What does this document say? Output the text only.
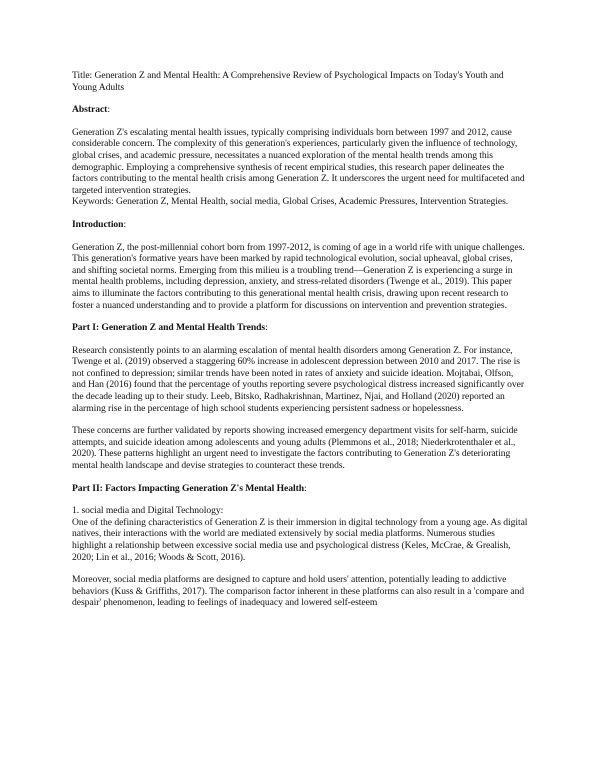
Title: Generation Z and Mental Health: A Comprehensive Review of Psychological Impacts on Today's Youth and Young Adults

Abstract:

Generation Z's escalating mental health issues, typically comprising individuals born between 1997 and 2012, cause considerable concern. The complexity of this generation's experiences, particularly given the influence of technology, global crises, and academic pressure, necessitates a nuanced exploration of the mental health trends among this demographic. Employing a comprehensive synthesis of recent empirical studies, this research paper delineates the factors contributing to the mental health crisis among Generation Z. It underscores the urgent need for multifaceted and targeted intervention strategies.

Keywords: Generation Z, Mental Health, social media, Global Crises, Academic Pressures, Intervention Strategies.

Introduction:

Generation Z, the post-millennial cohort born from 1997-2012, is coming of age in a world rife with unique challenges. This generation's formative years have been marked by rapid technological evolution, social upheaval, global crises, and shifting societal norms. Emerging from this milieu is a troubling trend—Generation Z is experiencing a surge in mental health problems, including depression, anxiety, and stress-related disorders (Twenge et al., 2019). This paper aims to illuminate the factors contributing to this generational mental health crisis, drawing upon recent research to foster a nuanced understanding and to provide a platform for discussions on intervention and prevention strategies.

Part I: Generation Z and Mental Health Trends:

Research consistently points to an alarming escalation of mental health disorders among Generation Z. For instance, Twenge et al. (2019) observed a staggering 60% increase in adolescent depression between 2010 and 2017. The rise is not confined to depression; similar trends have been noted in rates of anxiety and suicide ideation. Mojtabai, Olfson, and Han (2016) found that the percentage of youths reporting severe psychological distress increased significantly over the decade leading up to their study. Leeb, Bitsko, Radhakrishnan, Martinez, Njai, and Holland (2020) reported an alarming rise in the percentage of high school students experiencing persistent sadness or hopelessness.

These concerns are further validated by reports showing increased emergency department visits for self-harm, suicide attempts, and suicide ideation among adolescents and young adults (Plemmons et al., 2018; Niederkrotenthaler et al., 2020). These patterns highlight an urgent need to investigate the factors contributing to Generation Z's deteriorating mental health landscape and devise strategies to counteract these trends.

Part II: Factors Impacting Generation Z's Mental Health:

1. social media and Digital Technology:

One of the defining characteristics of Generation Z is their immersion in digital technology from a young age. As digital natives, their interactions with the world are mediated extensively by social media platforms. Numerous studies highlight a relationship between excessive social media use and psychological distress (Keles, McCrae, & Grealish, 2020; Lin et al., 2016; Woods & Scott, 2016).

Moreover, social media platforms are designed to capture and hold users' attention, potentially leading to addictive behaviors (Kuss & Griffiths, 2017). The comparison factor inherent in these platforms can also result in a 'compare and despair' phenomenon, leading to feelings of inadequacy and lowered self-esteem
